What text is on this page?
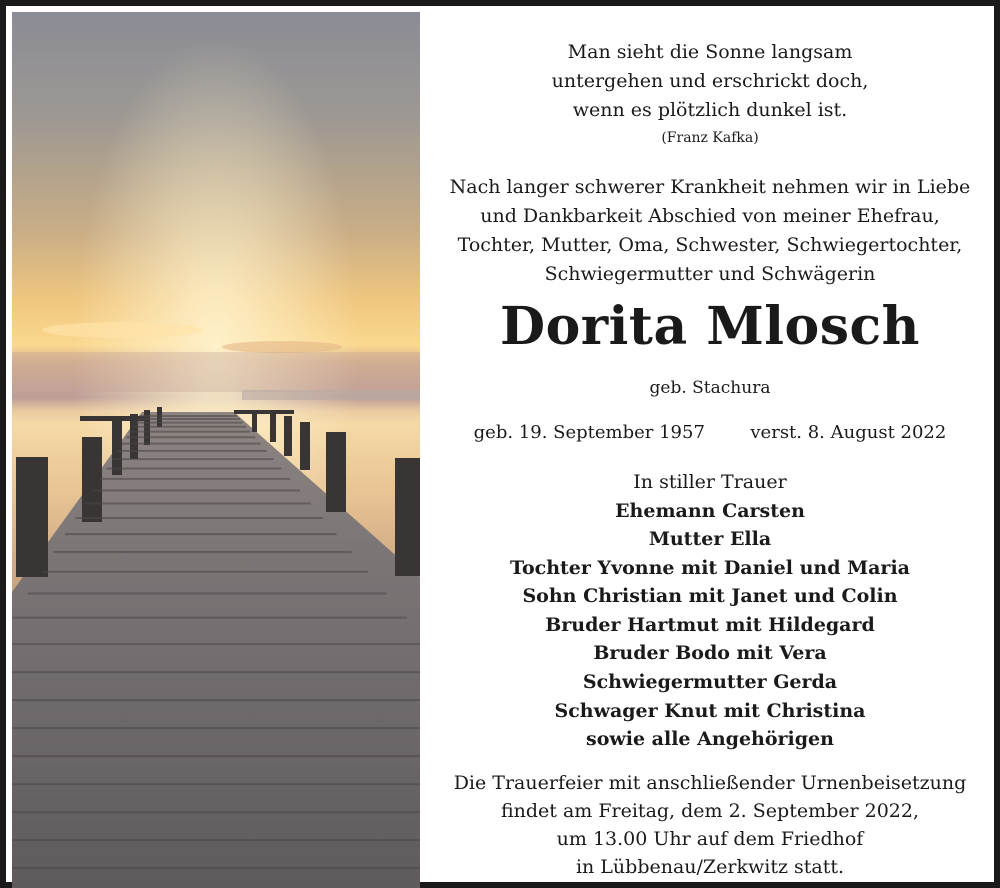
Man sieht die Sonne langsam
untergehen und erschrickt doch,
wenn es plötzlich dunkel ist.
(Franz Kafka)
Nach langer schwerer Krankheit nehmen wir in Liebe
und Dankbarkeit Abschied von meiner Ehefrau,
Tochter, Mutter, Oma, Schwester, Schwiegertochter,
Schwiegermutter und Schwägerin
Dorita Mlosch
geb. Stachura
geb. 19. September 1957	verst. 8. August 2022
In stiller Trauer
Ehemann Carsten
Mutter Ella
Tochter Yvonne mit Daniel und Maria
Sohn Christian mit Janet und Colin
Bruder Hartmut mit Hildegard
Bruder Bodo mit Vera
Schwiegermutter Gerda
Schwager Knut mit Christina
sowie alle Angehörigen
Die Trauerfeier mit anschließender Urnenbeisetzung
findet am Freitag, dem 2. September 2022,
um 13.00 Uhr auf dem Friedhof
in Lübbenau/Zerkwitz statt.
